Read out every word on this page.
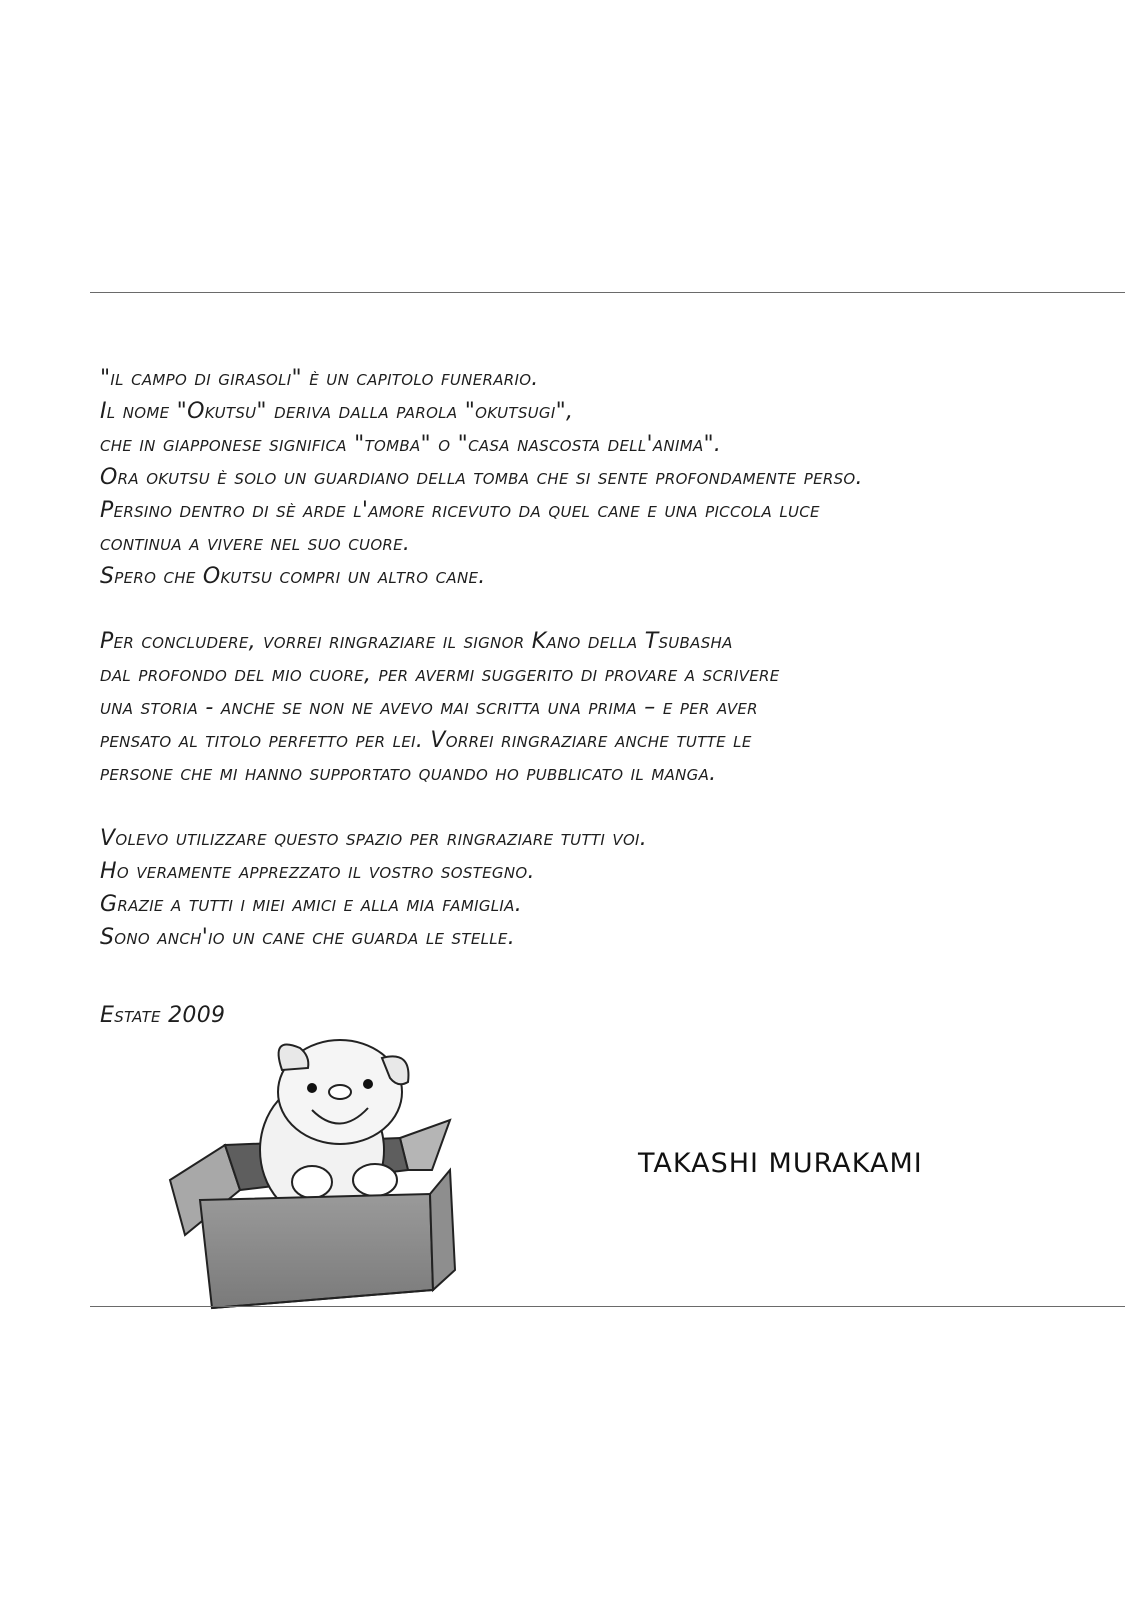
"il campo di girasoli" è un capitolo funerario.
Il nome "Okutsu" deriva dalla parola "okutsugi",
che in giapponese significa "tomba" o "casa nascosta dell'anima".
Ora okutsu è solo un guardiano della tomba che si sente profondamente perso.
Persino dentro di sè arde l'amore ricevuto da quel cane e una piccola luce
continua a vivere nel suo cuore.
Spero che Okutsu compri un altro cane.
Per concludere, vorrei ringraziare il signor Kano della Tsubasha
dal profondo del mio cuore, per avermi suggerito di provare a scrivere
una storia - anche se non ne avevo mai scritta una prima – e per aver
pensato al titolo perfetto per lei. Vorrei ringraziare anche tutte le
persone che mi hanno supportato quando ho pubblicato il manga.
Volevo utilizzare questo spazio per ringraziare tutti voi.
Ho veramente apprezzato il vostro sostegno.
Grazie a tutti i miei amici e alla mia famiglia.
Sono anch'io un cane che guarda le stelle.
Estate 2009
TAKASHI MURAKAMI
